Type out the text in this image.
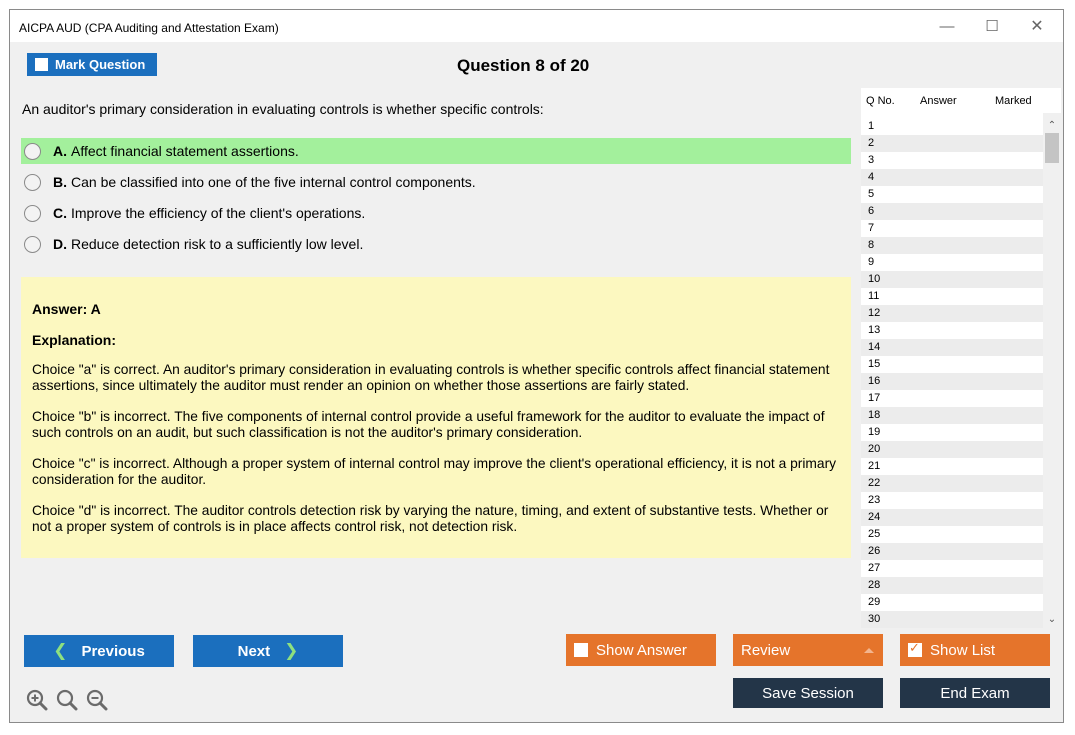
AICPA AUD (CPA Auditing and Attestation Exam)	—	☐	✕
Mark Question	Question 8 of 20
An auditor's primary consideration in evaluating controls is whether specific controls:
A. Affect financial statement assertions.
B. Can be classified into one of the five internal control components.
C. Improve the efficiency of the client's operations.
D. Reduce detection risk to a sufficiently low level.
Answer: A
Explanation:

Choice "a" is correct. An auditor's primary consideration in evaluating controls is whether specific controls affect financial statement assertions, since ultimately the auditor must render an opinion on whether those assertions are fairly stated.

Choice "b" is incorrect. The five components of internal control provide a useful framework for the auditor to evaluate the impact of such controls on an audit, but such classification is not the auditor's primary consideration.

Choice "c" is incorrect. Although a proper system of internal control may improve the client's operational efficiency, it is not a primary consideration for the auditor.

Choice "d" is incorrect. The auditor controls detection risk by varying the nature, timing, and extent of substantive tests. Whether or not a proper system of controls is in place affects control risk, not detection risk.

Q No. Answer	Marked
1
2
3
4
5
6
7
8
9
10
11
12
13
14
15
16
17
18
19
20
21
22
23
24
25
26
27
28
29
30
⌃
⌄
❮ Previous	Next ❯	Show Answer	Review
✓	Show List
Save Session	End Exam
